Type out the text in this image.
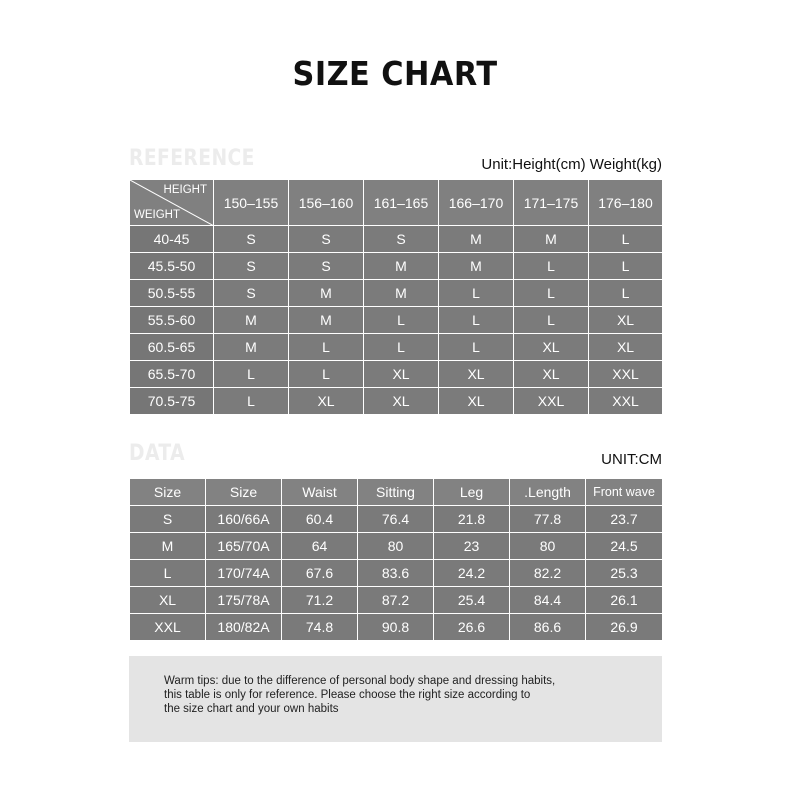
SIZE CHART
REFERENCE	Unit:Height(cm) Weight(kg)
HEIGHT
WEIGHT	150–155	156–160	161–165	166–170	171–175	176–180
40-45	S	S	S	M	M	L
45.5-50	S	S	M	M	L	L
50.5-55	S	M	M	L	L	L
55.5-60	M	M	L	L	L	XL
60.5-65	M	L	L	L	XL	XL
65.5-70	L	L	XL	XL	XL	XXL
70.5-75	L	XL	XL	XL	XXL	XXL
DATA	UNIT:CM
Size	Size	Waist	Sitting	Leg	.Length	Front wave
S	160/66A	60.4	76.4	21.8	77.8	23.7
M	165/70A	64	80	23	80	24.5
L	170/74A	67.6	83.6	24.2	82.2	25.3
XL	175/78A	71.2	87.2	25.4	84.4	26.1
XXL	180/82A	74.8	90.8	26.6	86.6	26.9

Warm tips: due to the difference of personal body shape and dressing habits,
this table is only for reference. Please choose the right size according to
the size chart and your own habits
